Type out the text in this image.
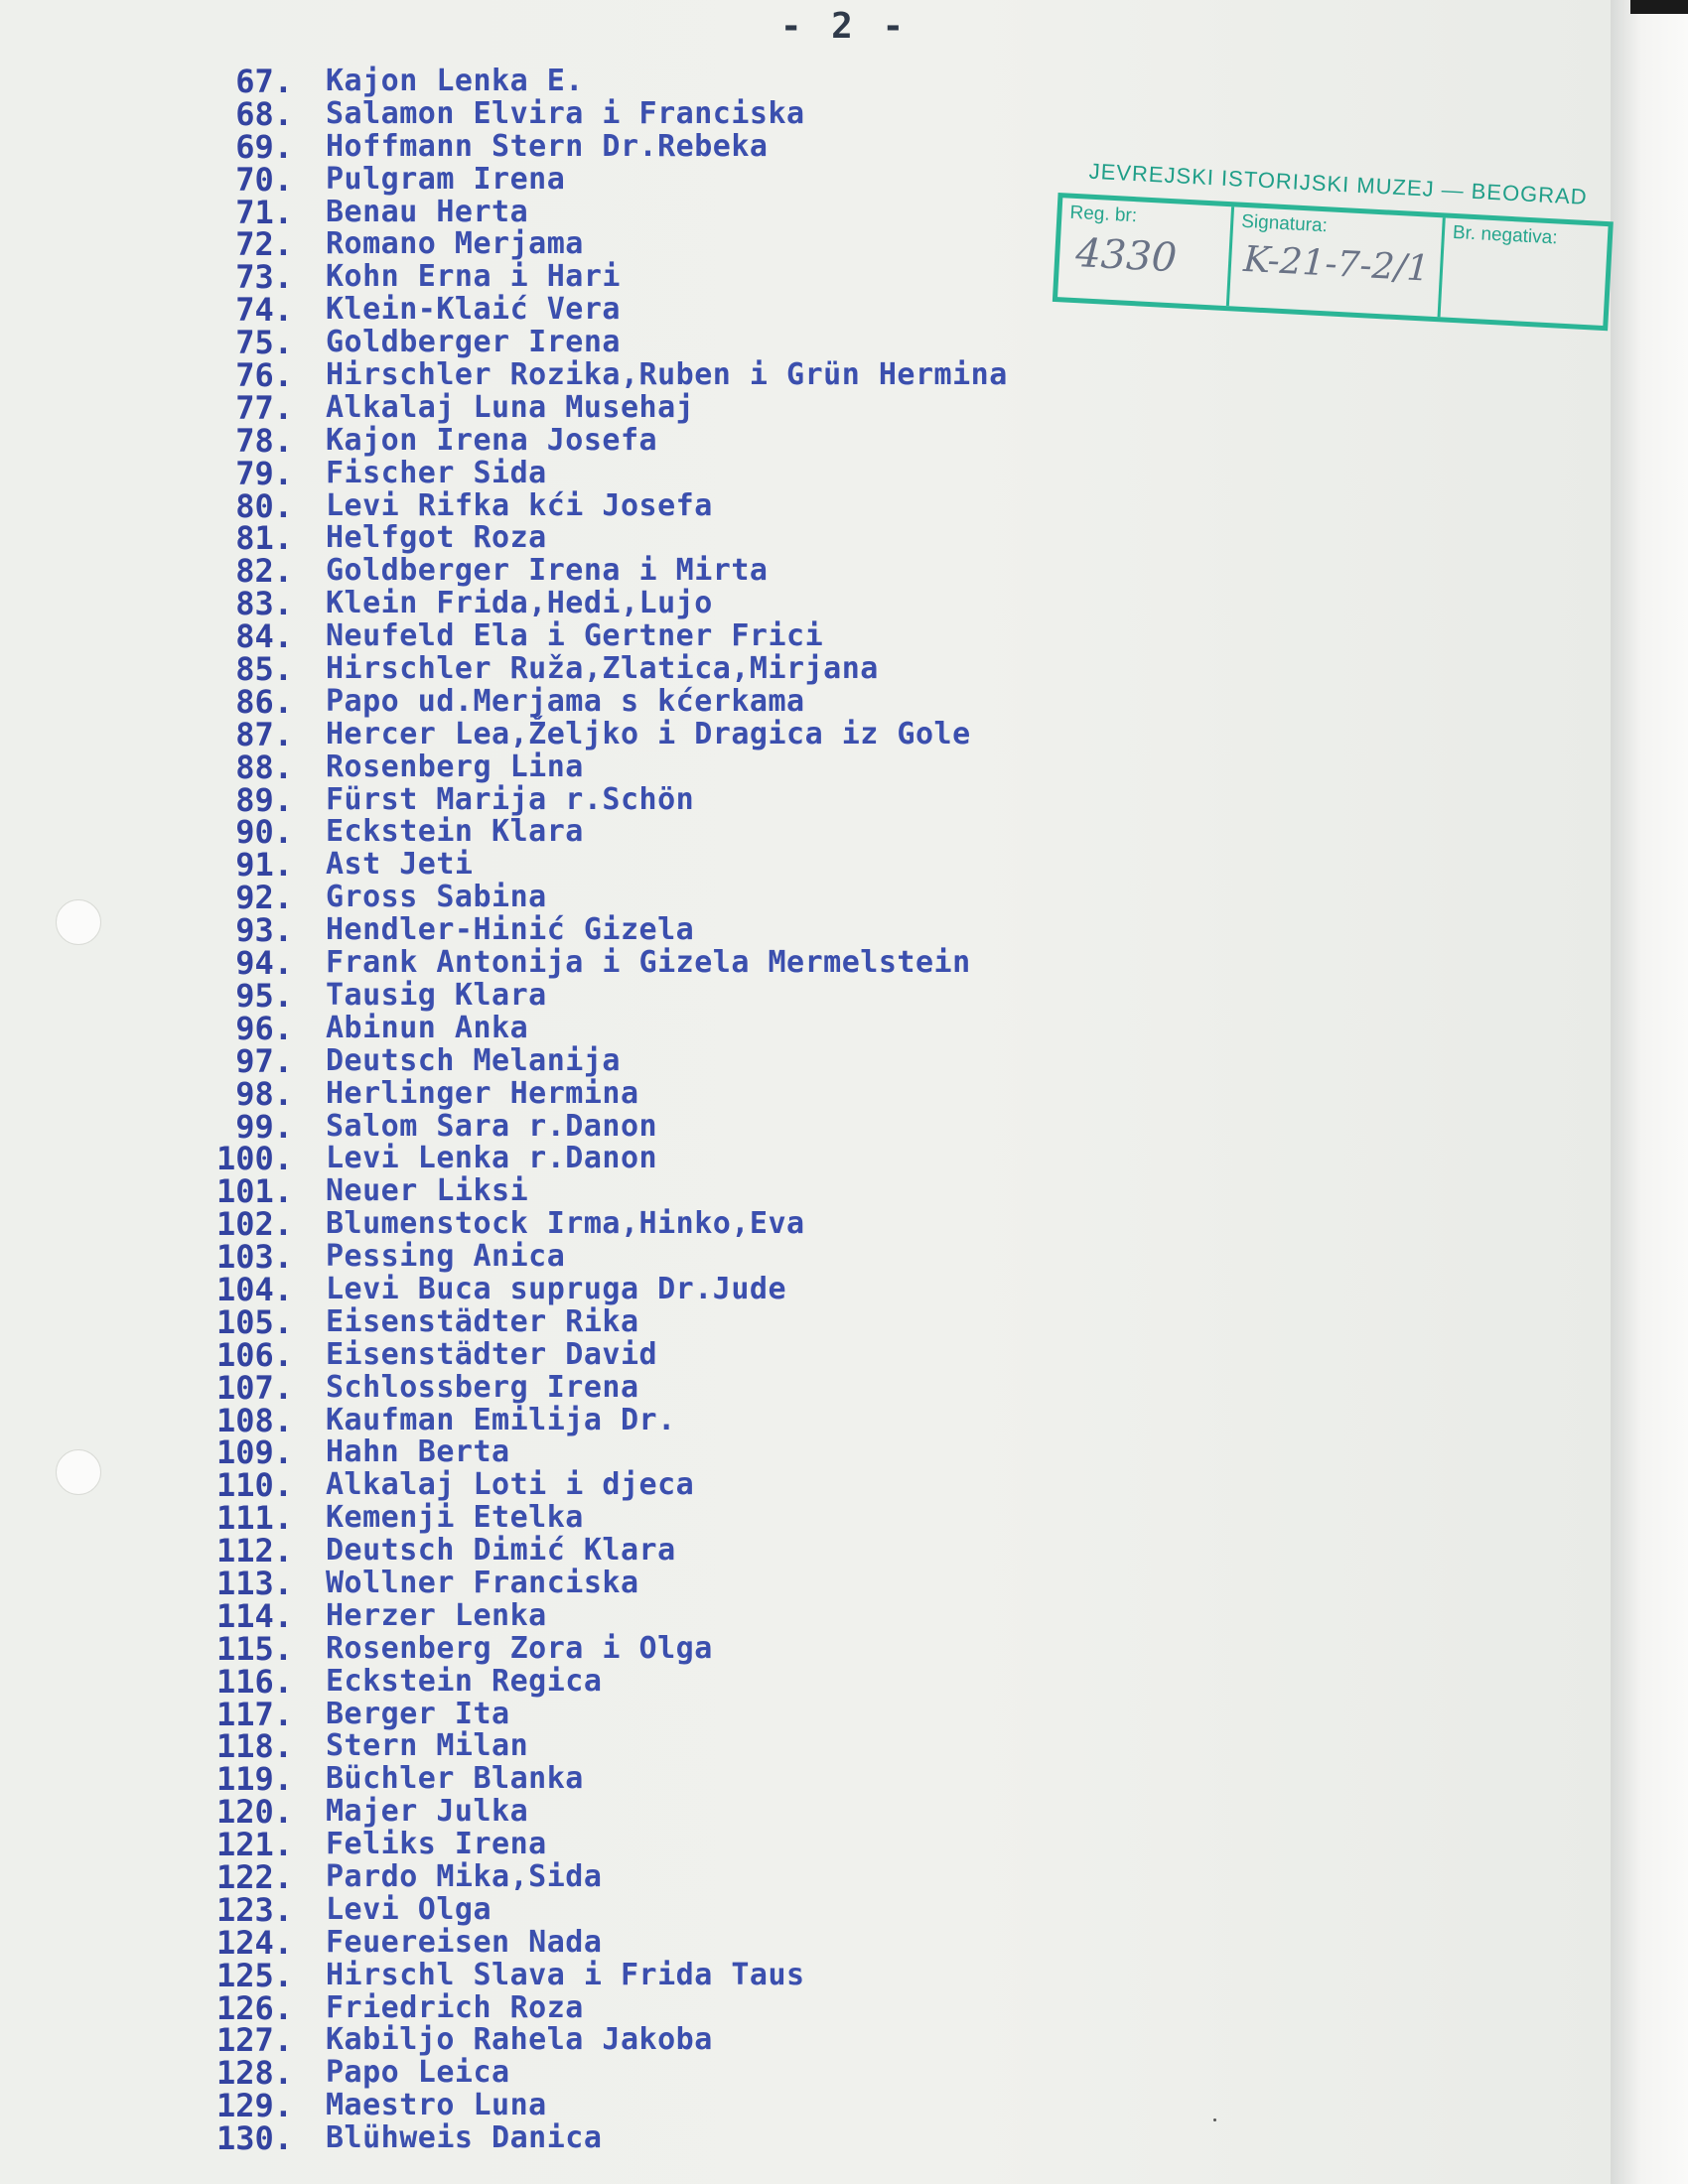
- 2 -
JEVREJSKI ISTORIJSKI MUZEJ — BEOGRAD
Reg. br:
4330
Signatura:
K-21-7-2/1
Br. negativa:
67. Kajon Lenka E.
68. Salamon Elvira i Franciska
69. Hoffmann Stern Dr.Rebeka
70. Pulgram Irena
71. Benau Herta
72. Romano Merjama
73. Kohn Erna i Hari
74. Klein-Klaić Vera
75. Goldberger Irena
76. Hirschler Rozika,Ruben i Grün Hermina
77. Alkalaj Luna Musehaj
78. Kajon Irena Josefa
79. Fischer Sida
80. Levi Rifka kći Josefa
81. Helfgot Roza
82. Goldberger Irena i Mirta
83. Klein Frida,Hedi,Lujo
84. Neufeld Ela i Gertner Frici
85. Hirschler Ruža,Zlatica,Mirjana
86. Papo ud.Merjama s kćerkama
87. Hercer Lea,Željko i Dragica iz Gole
88. Rosenberg Lina
89. Fürst Marija r.Schön
90. Eckstein Klara
91. Ast Jeti
92. Gross Sabina
93. Hendler-Hinić Gizela
94. Frank Antonija i Gizela Mermelstein
95. Tausig Klara
96. Abinun Anka
97. Deutsch Melanija
98. Herlinger Hermina
99. Salom Sara r.Danon
100. Levi Lenka r.Danon
101. Neuer Liksi
102. Blumenstock Irma,Hinko,Eva
103. Pessing Anica
104. Levi Buca supruga Dr.Jude
105. Eisenstädter Rika
106. Eisenstädter David
107. Schlossberg Irena
108. Kaufman Emilija Dr.
109. Hahn Berta
110. Alkalaj Loti i djeca
111. Kemenji Etelka
112. Deutsch Dimić Klara
113. Wollner Franciska
114. Herzer Lenka
115. Rosenberg Zora i Olga
116. Eckstein Regica
117. Berger Ita
118. Stern Milan
119. Büchler Blanka
120. Majer Julka
121. Feliks Irena
122. Pardo Mika,Sida
123. Levi Olga
124. Feuereisen Nada
125. Hirschl Slava i Frida Taus
126. Friedrich Roza
127. Kabiljo Rahela Jakoba
128. Papo Leica
129. Maestro Luna
130. Blühweis Danica
